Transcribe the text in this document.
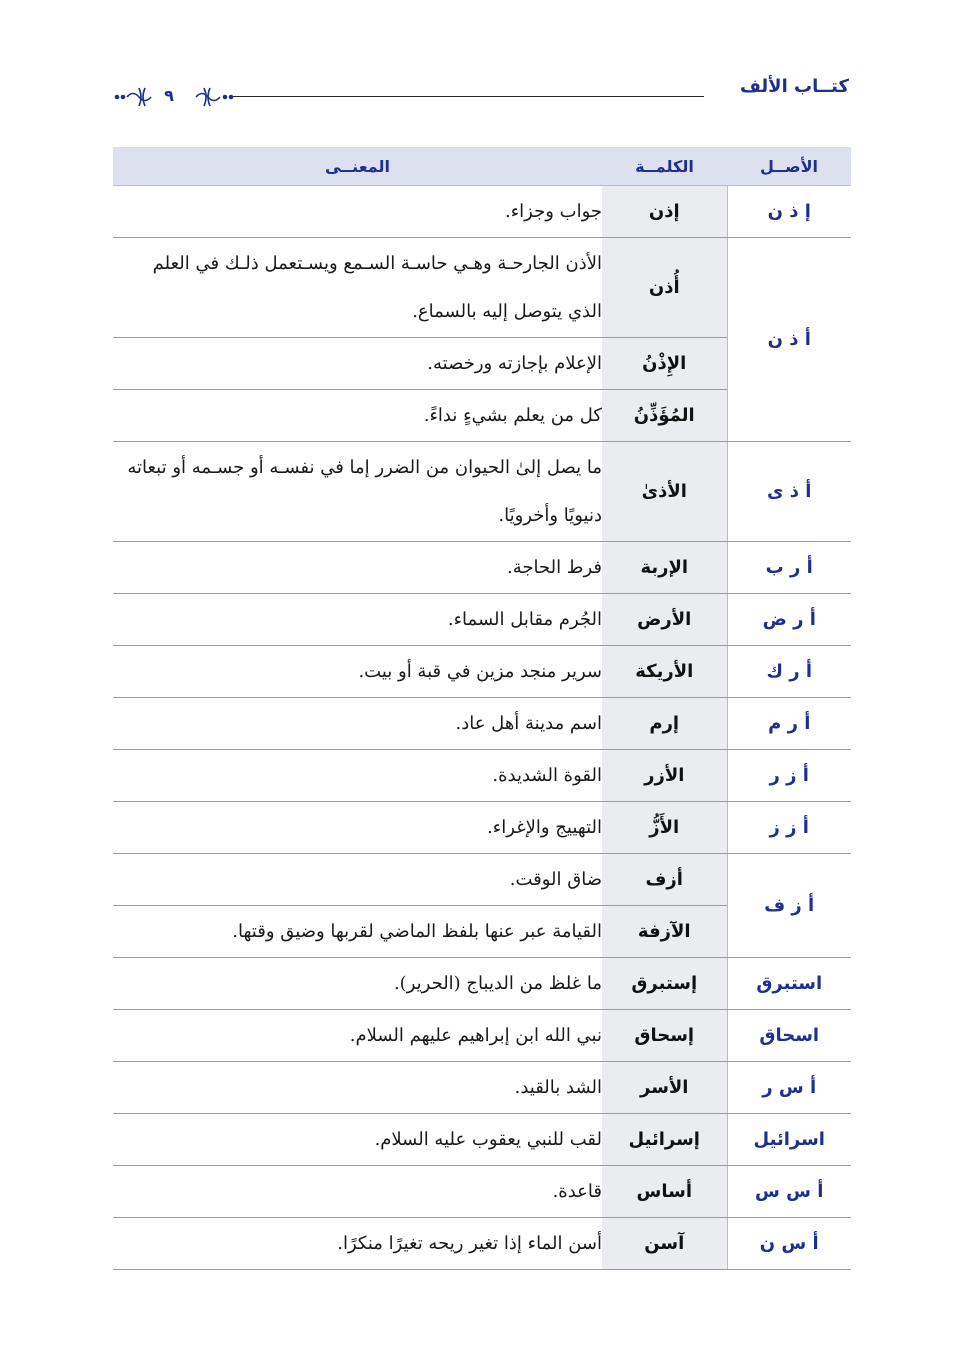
كتــاب الألف
٩
الأصــل	الكلمــة	المعنــى
إ ذ ن	إذن	جواب وجزاء.
أ ذ ن	أُذن	الأذن الجارحـة وهـي حاسـة السـمع ويسـتعمل ذلـك في العلم الذي يتوصل إليه بالسماع.
	الإِذْنُ	الإعلام بإجازته ورخصته.
	المُؤَذِّنُ	كل من يعلم بشيءٍ نداءً.
أ ذ ى	الأذىٰ	ما يصل إلىٰ الحيوان من الضرر إما في نفسـه أو جسـمه أو تبعاته دنيويًا وأخرويًا.
أ ر ب	الإربة	فرط الحاجة.
أ ر ض	الأرض	الجُرم مقابل السماء.
أ ر ك	الأريكة	سرير منجد مزين في قبة أو بيت.
أ ر م	إرم	اسم مدينة أهل عاد.
أ ز ر	الأزر	القوة الشديدة.
أ ز ز	الأَزُّ	التهييج والإغراء.
أ ز ف	أزف	ضاق الوقت.
	الآزفة	القيامة عبر عنها بلفظ الماضي لقربها وضيق وقتها.
استبرق	إستبرق	ما غلظ من الديباج (الحرير).
اسحاق	إسحاق	نبي الله ابن إبراهيم عليهم السلام.
أ س ر	الأسر	الشد بالقيد.
اسرائيل	إسرائيل	لقب للنبي يعقوب عليه السلام.
أ س س	أساس	قاعدة.
أ س ن	آسن	أسن الماء إذا تغير ريحه تغيرًا منكرًا.
